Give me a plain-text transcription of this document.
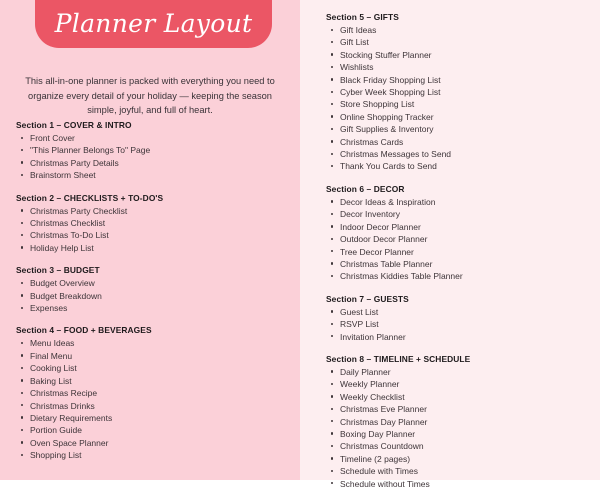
Planner Layout

This all-in-one planner is packed with everything you need to organize every detail of your holiday — keeping the season simple, joyful, and full of heart.

Section 1 – COVER & INTRO
Front Cover
"This Planner Belongs To" Page
Christmas Party Details
Brainstorm Sheet
Section 2 – CHECKLISTS + TO-DO'S
Christmas Party Checklist
Christmas Checklist
Christmas To-Do List
Holiday Help List
Section 3 – BUDGET
Budget Overview
Budget Breakdown
Expenses
Section 4 – FOOD + BEVERAGES
Menu Ideas
Final Menu
Cooking List
Baking List
Christmas Recipe
Christmas Drinks
Dietary Requirements
Portion Guide
Oven Space Planner
Shopping List
Section 5 – GIFTS
Gift Ideas
Gift List
Stocking Stuffer Planner
Wishlists
Black Friday Shopping List
Cyber Week Shopping List
Store Shopping List
Online Shopping Tracker
Gift Supplies & Inventory
Christmas Cards
Christmas Messages to Send
Thank You Cards to Send
Section 6 – DECOR
Decor Ideas & Inspiration
Decor Inventory
Indoor Decor Planner
Outdoor Decor Planner
Tree Decor Planner
Christmas Table Planner
Christmas Kiddies Table Planner
Section 7 – GUESTS
Guest List
RSVP List
Invitation Planner
Section 8 – TIMELINE + SCHEDULE
Daily Planner
Weekly Planner
Weekly Checklist
Christmas Eve Planner
Christmas Day Planner
Boxing Day Planner
Christmas Countdown
Timeline (2 pages)
Schedule with Times
Schedule without Times
